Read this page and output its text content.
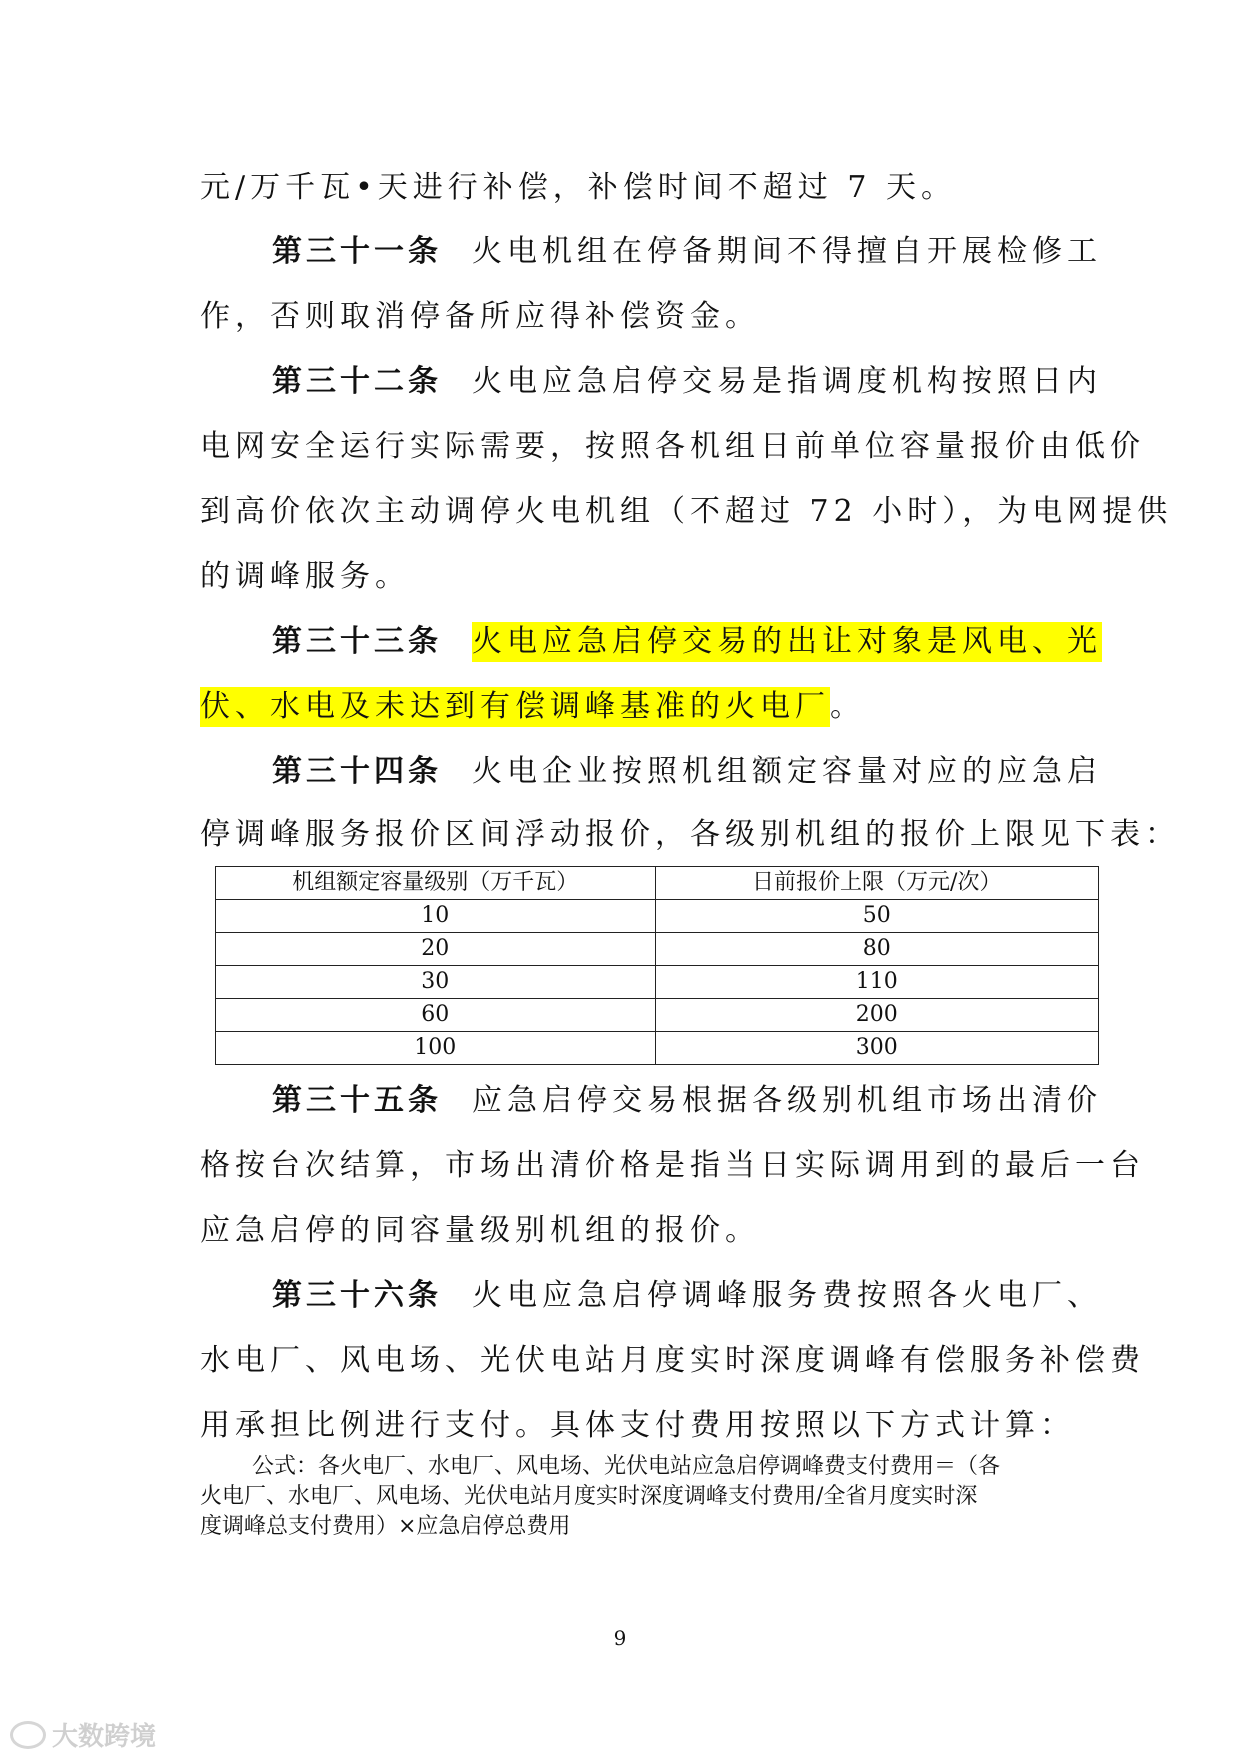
元/万千瓦•天进行补偿，补偿时间不超过 7 天。
第三十一条 火电机组在停备期间不得擅自开展检修工
作，否则取消停备所应得补偿资金。
第三十二条 火电应急启停交易是指调度机构按照日内
电网安全运行实际需要，按照各机组日前单位容量报价由低价
到高价依次主动调停火电机组（不超过 72 小时），为电网提供
的调峰服务。
第三十三条 火电应急启停交易的出让对象是风电、光
伏、水电及未达到有偿调峰基准的火电厂。
第三十四条 火电企业按照机组额定容量对应的应急启
停调峰服务报价区间浮动报价，各级别机组的报价上限见下表：
机组额定容量级别（万千瓦）	日前报价上限（万元/次）
10	50
20	80
30	110
60	200
100	300
第三十五条 应急启停交易根据各级别机组市场出清价
格按台次结算，市场出清价格是指当日实际调用到的最后一台
应急启停的同容量级别机组的报价。
第三十六条 火电应急启停调峰服务费按照各火电厂、
水电厂、风电场、光伏电站月度实时深度调峰有偿服务补偿费
用承担比例进行支付。具体支付费用按照以下方式计算：
公式：各火电厂、水电厂、风电场、光伏电站应急启停调峰费支付费用＝（各
火电厂、水电厂、风电场、光伏电站月度实时深度调峰支付费用/全省月度实时深
度调峰总支付费用）×应急启停总费用
9
大数跨境
